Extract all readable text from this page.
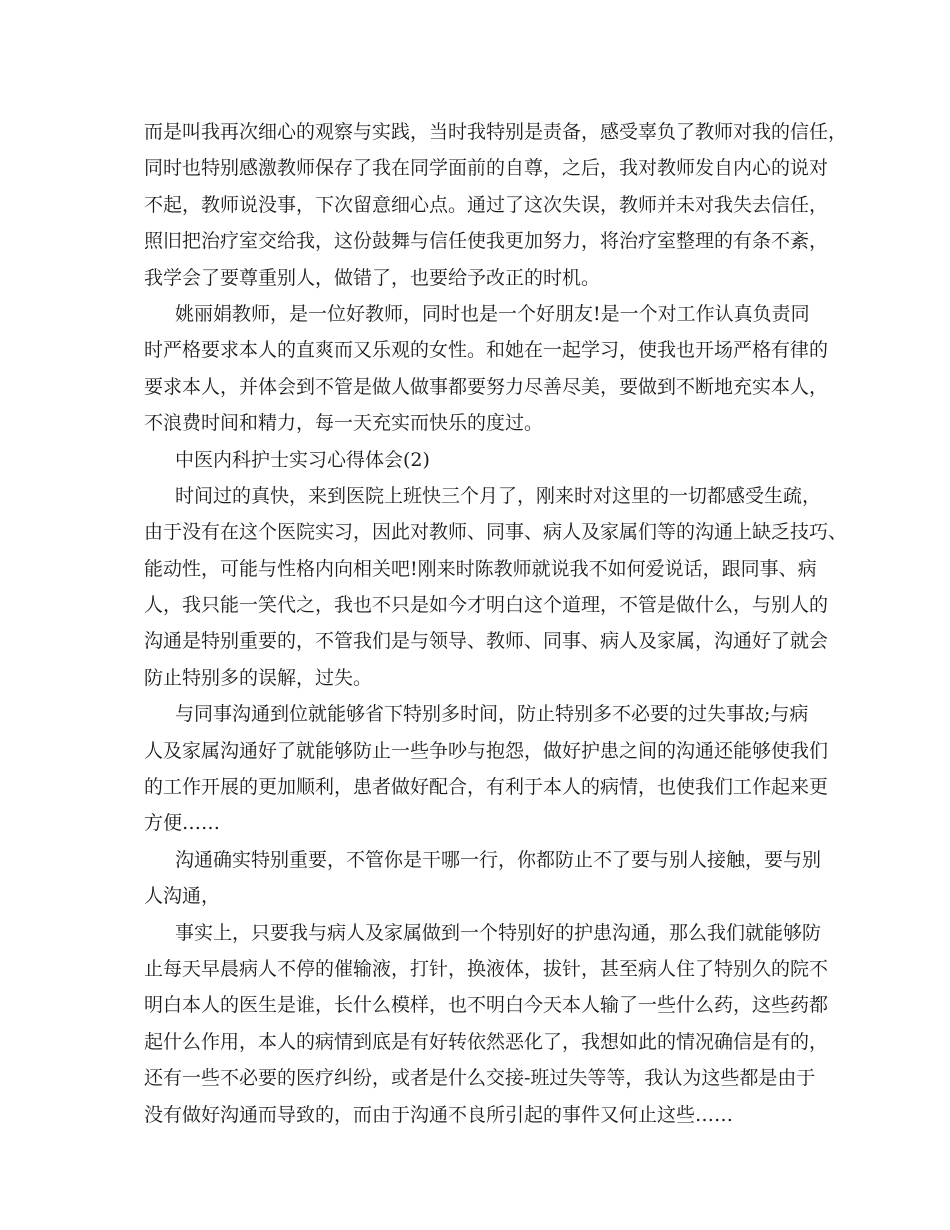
而是叫我再次细心的观察与实践，当时我特别是责备，感受辜负了教师对我的信任，
同时也特别感激教师保存了我在同学面前的自尊，之后，我对教师发自内心的说对
不起，教师说没事，下次留意细心点。通过了这次失误，教师并未对我失去信任，
照旧把治疗室交给我，这份鼓舞与信任使我更加努力，将治疗室整理的有条不紊，
我学会了要尊重别人，做错了，也要给予改正的时机。
姚丽娟教师，是一位好教师，同时也是一个好朋友!是一个对工作认真负责同
时严格要求本人的直爽而又乐观的女性。和她在一起学习，使我也开场严格有律的
要求本人，并体会到不管是做人做事都要努力尽善尽美，要做到不断地充实本人，
不浪费时间和精力，每一天充实而快乐的度过。
中医内科护士实习心得体会(2)
时间过的真快，来到医院上班快三个月了，刚来时对这里的一切都感受生疏，
由于没有在这个医院实习，因此对教师、同事、病人及家属们等的沟通上缺乏技巧、
能动性，可能与性格内向相关吧!刚来时陈教师就说我不如何爱说话，跟同事、病
人，我只能一笑代之，我也不只是如今才明白这个道理，不管是做什么，与别人的
沟通是特别重要的，不管我们是与领导、教师、同事、病人及家属，沟通好了就会
防止特别多的误解，过失。
与同事沟通到位就能够省下特别多时间，防止特别多不必要的过失事故;与病
人及家属沟通好了就能够防止一些争吵与抱怨，做好护患之间的沟通还能够使我们
的工作开展的更加顺利，患者做好配合，有利于本人的病情，也使我们工作起来更
方便……
沟通确实特别重要，不管你是干哪一行，你都防止不了要与别人接触，要与别
人沟通，
事实上，只要我与病人及家属做到一个特别好的护患沟通，那么我们就能够防
止每天早晨病人不停的催输液，打针，换液体，拔针，甚至病人住了特别久的院不
明白本人的医生是谁，长什么模样，也不明白今天本人输了一些什么药，这些药都
起什么作用，本人的病情到底是有好转依然恶化了，我想如此的情况确信是有的，
还有一些不必要的医疗纠纷，或者是什么交接-班过失等等，我认为这些都是由于
没有做好沟通而导致的，而由于沟通不良所引起的事件又何止这些……
